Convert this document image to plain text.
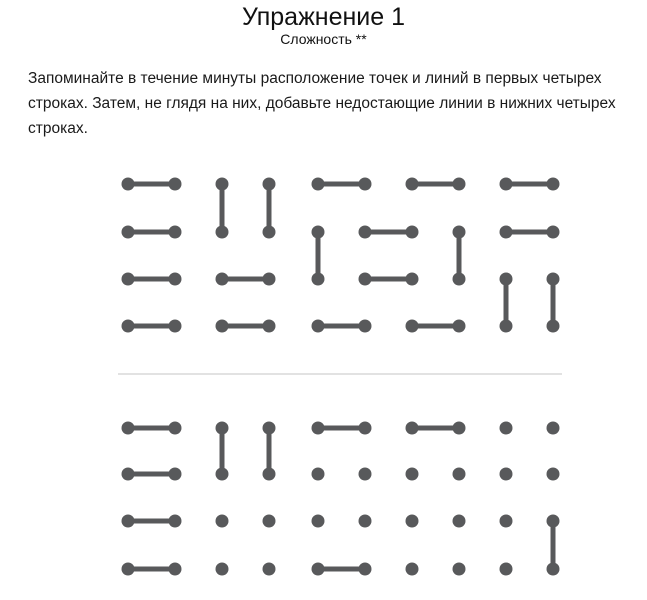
Упражнение 1
Сложность **

Запоминайте в течение минуты расположение точек и линий в первых четырех строках. Затем, не глядя на них, добавьте недостающие линии в нижних четырех строках.
